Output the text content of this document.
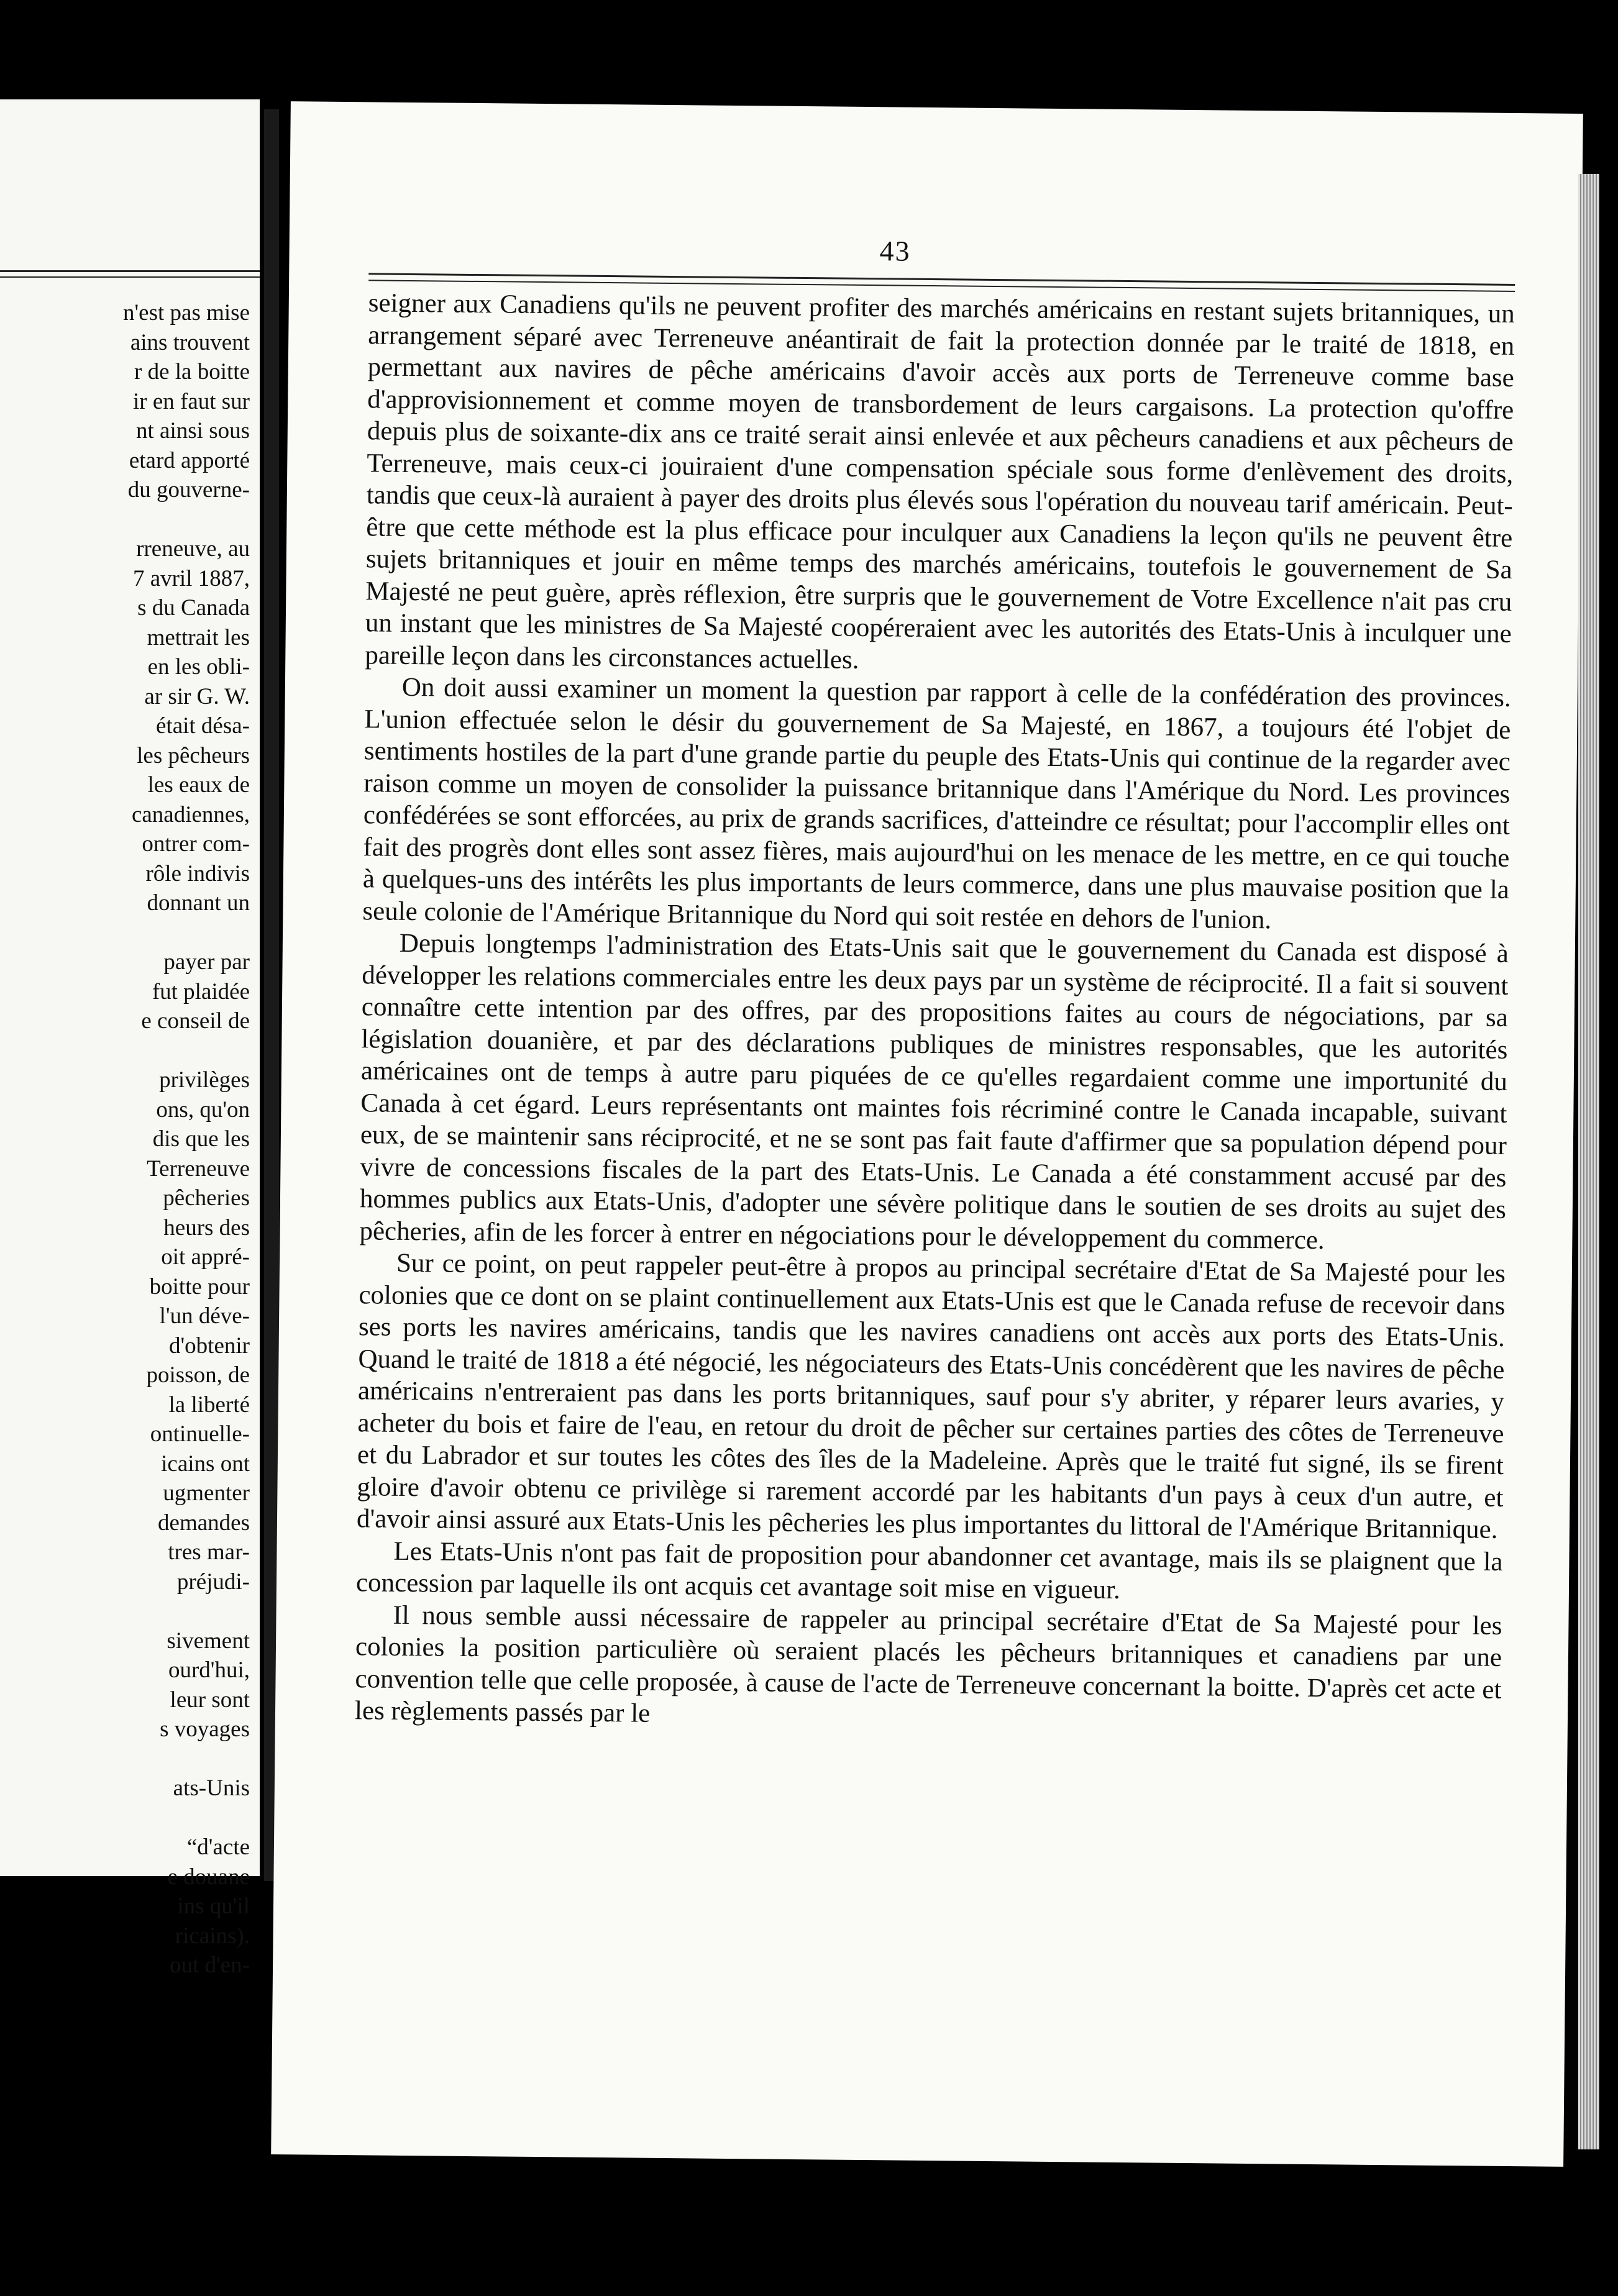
n'est pas mise
ains trouvent
r de la boitte
ir en faut sur
nt ainsi sous
etard apporté
du gouverne-
rreneuve, au
7 avril 1887,
s du Canada
mettrait les
en les obli-
ar sir G. W.
était désa-
les pêcheurs
les eaux de
canadiennes,
ontrer com-
rôle indivis
donnant un
payer par
fut plaidée
e conseil de
privilèges
ons, qu'on
dis que les
Terreneuve
pêcheries
heurs des
oit appré-
boitte pour
l'un déve-
d'obtenir
poisson, de
la liberté
ontinuelle-
icains ont
ugmenter
demandes
tres mar-
préjudi-
sivement
ourd'hui,
leur sont
s voyages
ats-Unis
“d'acte
e douane
ins qu'il
ricains).
out d'en-
43

seigner aux Canadiens qu'ils ne peuvent profiter des marchés américains en restant sujets britanniques, un arrangement séparé avec Terreneuve anéantirait de fait la protection donnée par le traité de 1818, en permettant aux navires de pêche américains d'avoir accès aux ports de Terreneuve comme base d'approvisionnement et comme moyen de transbordement de leurs cargaisons. La protection qu'offre depuis plus de soixante-dix ans ce traité serait ainsi enlevée et aux pêcheurs canadiens et aux pêcheurs de Terreneuve, mais ceux-ci jouiraient d'une compensation spéciale sous forme d'enlèvement des droits, tandis que ceux-là auraient à payer des droits plus élevés sous l'opération du nouveau tarif américain. Peut-être que cette méthode est la plus efficace pour inculquer aux Canadiens la leçon qu'ils ne peuvent être sujets britanniques et jouir en même temps des marchés américains, toutefois le gouvernement de Sa Majesté ne peut guère, après réflexion, être surpris que le gouvernement de Votre Excellence n'ait pas cru un instant que les ministres de Sa Majesté coopéreraient avec les autorités des Etats-Unis à inculquer une pareille leçon dans les circonstances actuelles.

On doit aussi examiner un moment la question par rapport à celle de la confédération des provinces. L'union effectuée selon le désir du gouvernement de Sa Majesté, en 1867, a toujours été l'objet de sentiments hostiles de la part d'une grande partie du peuple des Etats-Unis qui continue de la regarder avec raison comme un moyen de consolider la puissance britannique dans l'Amérique du Nord. Les provinces confédérées se sont efforcées, au prix de grands sacrifices, d'atteindre ce résultat; pour l'accomplir elles ont fait des progrès dont elles sont assez fières, mais aujourd'hui on les menace de les mettre, en ce qui touche à quelques-uns des intérêts les plus importants de leurs commerce, dans une plus mauvaise position que la seule colonie de l'Amérique Britannique du Nord qui soit restée en dehors de l'union.

Depuis longtemps l'administration des Etats-Unis sait que le gouvernement du Canada est disposé à développer les relations commerciales entre les deux pays par un système de réciprocité. Il a fait si souvent connaître cette intention par des offres, par des propositions faites au cours de négociations, par sa législation douanière, et par des déclarations publiques de ministres responsables, que les autorités américaines ont de temps à autre paru piquées de ce qu'elles regardaient comme une importunité du Canada à cet égard. Leurs représentants ont maintes fois récriminé contre le Canada incapable, suivant eux, de se maintenir sans réciprocité, et ne se sont pas fait faute d'affirmer que sa population dépend pour vivre de concessions fiscales de la part des Etats-Unis. Le Canada a été constamment accusé par des hommes publics aux Etats-Unis, d'adopter une sévère politique dans le soutien de ses droits au sujet des pêcheries, afin de les forcer à entrer en négociations pour le développement du commerce.

Sur ce point, on peut rappeler peut-être à propos au principal secrétaire d'Etat de Sa Majesté pour les colonies que ce dont on se plaint continuellement aux Etats-Unis est que le Canada refuse de recevoir dans ses ports les navires américains, tandis que les navires canadiens ont accès aux ports des Etats-Unis. Quand le traité de 1818 a été négocié, les négociateurs des Etats-Unis concédèrent que les navires de pêche américains n'entreraient pas dans les ports britanniques, sauf pour s'y abriter, y réparer leurs avaries, y acheter du bois et faire de l'eau, en retour du droit de pêcher sur certaines parties des côtes de Terreneuve et du Labrador et sur toutes les côtes des îles de la Madeleine. Après que le traité fut signé, ils se firent gloire d'avoir obtenu ce privilège si rarement accordé par les habitants d'un pays à ceux d'un autre, et d'avoir ainsi assuré aux Etats-Unis les pêcheries les plus importantes du littoral de l'Amérique Britannique.

Les Etats-Unis n'ont pas fait de proposition pour abandonner cet avantage, mais ils se plaignent que la concession par laquelle ils ont acquis cet avantage soit mise en vigueur.

Il nous semble aussi nécessaire de rappeler au principal secrétaire d'Etat de Sa Majesté pour les colonies la position particulière où seraient placés les pêcheurs britanniques et canadiens par une convention telle que celle proposée, à cause de l'acte de Terreneuve concernant la boitte. D'après cet acte et les règlements passés par le
